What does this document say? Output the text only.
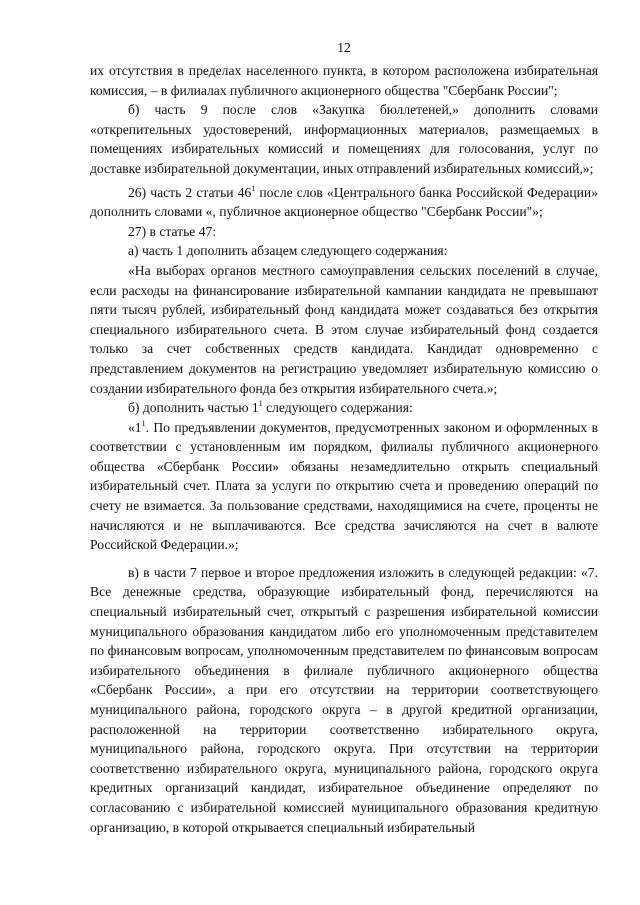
12

их отсутствия в пределах населенного пункта, в котором расположена избирательная комиссия, – в филиалах публичного акционерного общества "Сбербанк России";

б) часть 9 после слов «Закупка бюллетеней,» дополнить словами «открепительных удостоверений, информационных материалов, размещаемых в помещениях избирательных комиссий и помещениях для голосования, услуг по доставке избирательной документации, иных отправлений избирательных комиссий,»;

26) часть 2 статьи $46^1$ после слов «Центрального банка Российской Федерации» дополнить словами «, публичное акционерное общество "Сбербанк России"»;

27) в статье 47:

а) часть 1 дополнить абзацем следующего содержания:

«На выборах органов местного самоуправления сельских поселений в случае, если расходы на финансирование избирательной кампании кандидата не превышают пяти тысяч рублей, избирательный фонд кандидата может создаваться без открытия специального избирательного счета. В этом случае избирательный фонд создается только за счет собственных средств кандидата. Кандидат одновременно с представлением документов на регистрацию уведомляет избирательную комиссию о создании избирательного фонда без открытия избирательного счета.»;

б) дополнить частью $1^1$ следующего содержания:

«$1^1$. По предъявлении документов, предусмотренных законом и оформленных в соответствии с установленным им порядком, филиалы публичного акционерного общества «Сбербанк России» обязаны незамедлительно открыть специальный избирательный счет. Плата за услуги по открытию счета и проведению операций по счету не взимается. За пользование средствами, находящимися на счете, проценты не начисляются и не выплачиваются. Все средства зачисляются на счет в валюте Российской Федерации.»;

в) в части 7 первое и второе предложения изложить в следующей редакции: «7. Все денежные средства, образующие избирательный фонд, перечисляются на специальный избирательный счет, открытый с разрешения избирательной комиссии муниципального образования кандидатом либо его уполномоченным представителем по финансовым вопросам, уполномоченным представителем по финансовым вопросам избирательного объединения в филиале публичного акционерного общества «Сбербанк России», а при его отсутствии на территории соответствующего муниципального района, городского округа – в другой кредитной организации, расположенной на территории соответственно избирательного округа, муниципального района, городского округа. При отсутствии на территории соответственно избирательного округа, муниципального района, городского округа кредитных организаций кандидат, избирательное объединение определяют по согласованию с избирательной комиссией муниципального образования кредитную организацию, в которой открывается специальный избирательный
